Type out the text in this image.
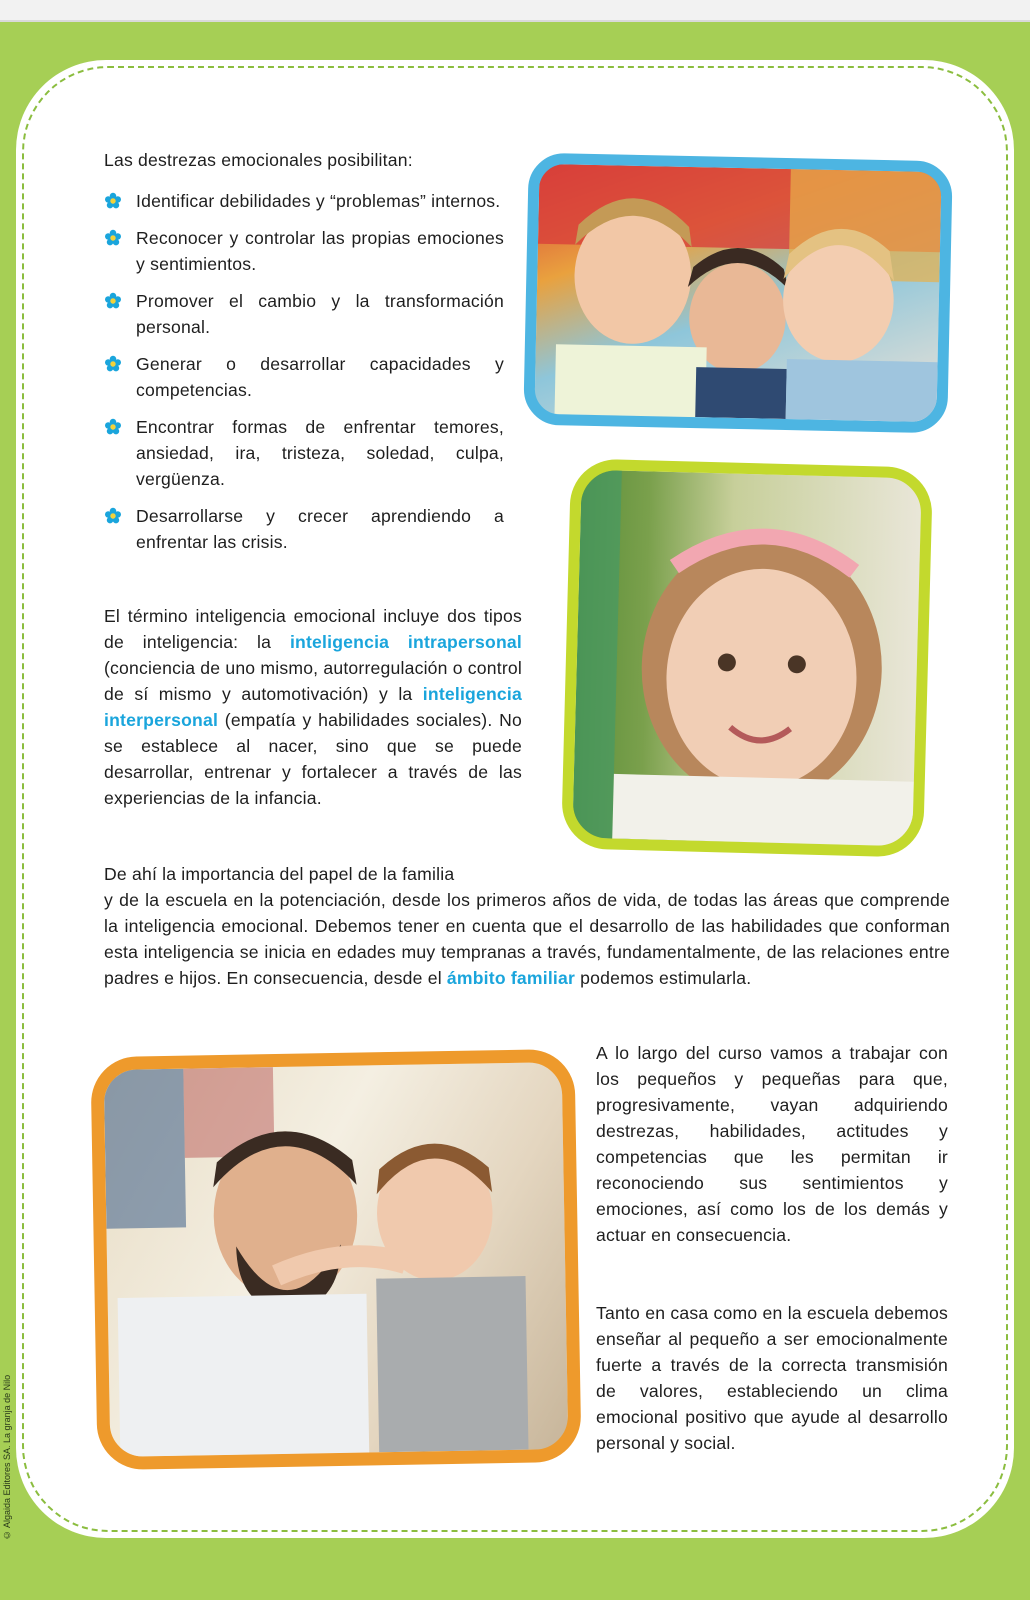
Las destrezas emocionales posibilitan:
Identificar debilidades y “problemas” internos.
Reconocer y controlar las propias emociones y sentimientos.
Promover el cambio y la transformación personal.
Generar o desarrollar capacidades y competencias.
Encontrar formas de enfrentar temores, ansiedad, ira, tristeza, soledad, culpa, vergüenza.
Desarrollarse y crecer aprendiendo a enfrentar las crisis.
El término inteligencia emocional incluye dos tipos de inteligencia: la inteligencia intrapersonal (conciencia de uno mismo, autorregulación o control de sí mismo y automotivación) y la inteligencia interpersonal (empatía y habilidades sociales). No se establece al nacer, sino que se puede desarrollar, entrenar y fortalecer a través de las experiencias de la infancia.
De ahí la importancia del papel de la familia
y de la escuela en la potenciación, desde los primeros años de vida, de todas las áreas que comprende la inteligencia emocional. Debemos tener en cuenta que el desarrollo de las habilidades que conforman esta inteligencia se inicia en edades muy tempranas a través, fundamentalmente, de las relaciones entre padres e hijos. En consecuencia, desde el ámbito familiar podemos estimularla.
A lo largo del curso vamos a trabajar con los pequeños y pequeñas para que, progresivamente, vayan adquiriendo destrezas, habilidades, actitudes y competencias que les permitan ir reconociendo sus sentimientos y emociones, así como los de los demás y actuar en consecuencia.
Tanto en casa como en la escuela debemos enseñar al pequeño a ser emocionalmente fuerte a través de la correcta transmisión de valores, estableciendo un clima emocional positivo que ayude al desarrollo personal y social.
© Algaida Editores SA. La granja de Nilo
